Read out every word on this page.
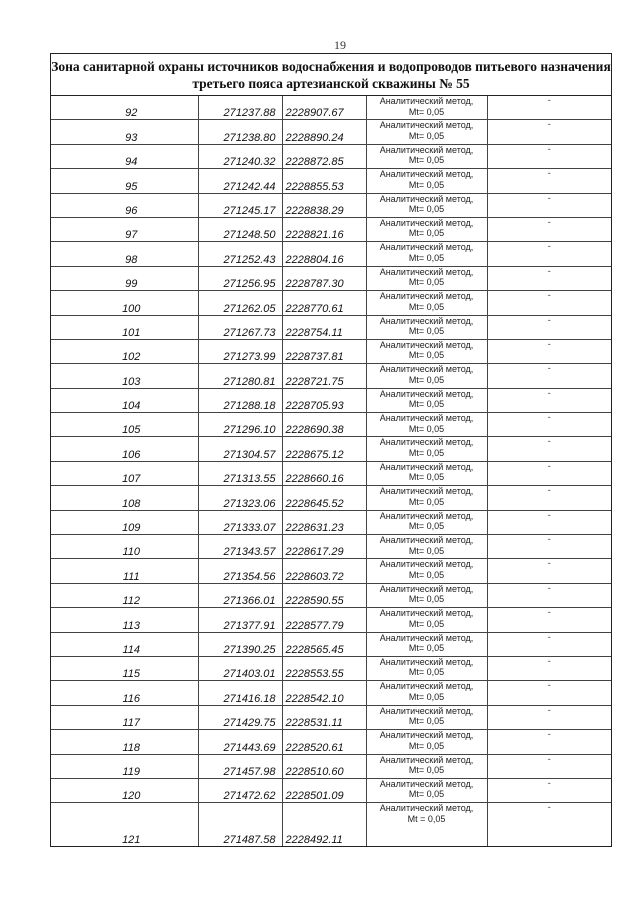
19
Зона санитарной охраны источников водоснабжения и водопроводов питьевого назначения третьего пояса артезианской скважины № 55
92	271237.88	2228907.67	Аналитический метод,
Mt= 0,05	-
93	271238.80	2228890.24	Аналитический метод,
Mt= 0,05	-
94	271240.32	2228872.85	Аналитический метод,
Mt= 0,05	-
95	271242.44	2228855.53	Аналитический метод,
Mt= 0,05	-
96	271245.17	2228838.29	Аналитический метод,
Mt= 0,05	-
97	271248.50	2228821.16	Аналитический метод,
Mt= 0,05	-
98	271252.43	2228804.16	Аналитический метод,
Mt= 0,05	-
99	271256.95	2228787.30	Аналитический метод,
Mt= 0,05	-
100	271262.05	2228770.61	Аналитический метод,
Mt= 0,05	-
101	271267.73	2228754.11	Аналитический метод,
Mt= 0,05	-
102	271273.99	2228737.81	Аналитический метод,
Mt= 0,05	-
103	271280.81	2228721.75	Аналитический метод,
Mt= 0,05	-
104	271288.18	2228705.93	Аналитический метод,
Mt= 0,05	-
105	271296.10	2228690.38	Аналитический метод,
Mt= 0,05	-
106	271304.57	2228675.12	Аналитический метод,
Mt= 0,05	-
107	271313.55	2228660.16	Аналитический метод,
Mt= 0,05	-
108	271323.06	2228645.52	Аналитический метод,
Mt= 0,05	-
109	271333.07	2228631.23	Аналитический метод,
Mt= 0,05	-
110	271343.57	2228617.29	Аналитический метод,
Mt= 0,05	-
111	271354.56	2228603.72	Аналитический метод,
Mt= 0,05	-
112	271366.01	2228590.55	Аналитический метод,
Mt= 0,05	-
113	271377.91	2228577.79	Аналитический метод,
Mt= 0,05	-
114	271390.25	2228565.45	Аналитический метод,
Mt= 0,05	-
115	271403.01	2228553.55	Аналитический метод,
Mt= 0,05	-
116	271416.18	2228542.10	Аналитический метод,
Mt= 0,05	-
117	271429.75	2228531.11	Аналитический метод,
Mt= 0,05	-
118	271443.69	2228520.61	Аналитический метод,
Mt= 0,05	-
119	271457.98	2228510.60	Аналитический метод,
Mt= 0,05	-
120	271472.62	2228501.09	Аналитический метод,
Mt= 0,05	-
121	271487.58	2228492.11	Аналитический метод,
Mt = 0,05	-
